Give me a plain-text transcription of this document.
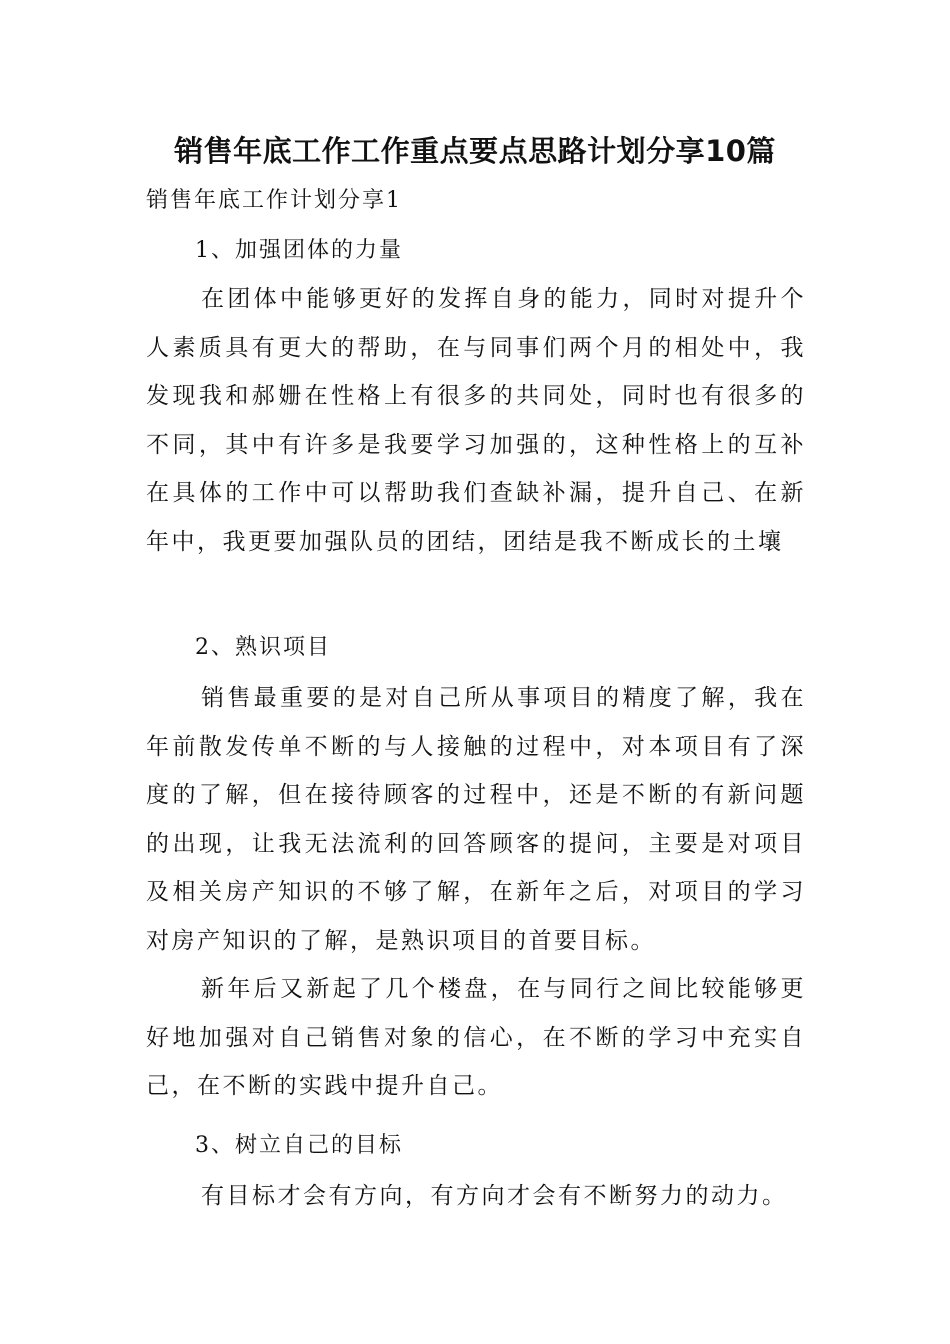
销售年底工作工作重点要点思路计划分享10篇
销售年底工作计划分享1
1、加强团体的力量
在团体中能够更好的发挥自身的能力，同时对提升个人素质具有更大的帮助，在与同事们两个月的相处中，我发现我和郝姗在性格上有很多的共同处，同时也有很多的不同，其中有许多是我要学习加强的，这种性格上的互补在具体的工作中可以帮助我们查缺补漏，提升自己、在新年中，我更要加强队员的团结，团结是我不断成长的土壤
2、熟识项目
销售最重要的是对自己所从事项目的精度了解，我在年前散发传单不断的与人接触的过程中，对本项目有了深度的了解，但在接待顾客的过程中，还是不断的有新问题的出现，让我无法流利的回答顾客的提问，主要是对项目及相关房产知识的不够了解，在新年之后，对项目的学习对房产知识的了解，是熟识项目的首要目标。
新年后又新起了几个楼盘，在与同行之间比较能够更好地加强对自己销售对象的信心，在不断的学习中充实自己，在不断的实践中提升自己。
3、树立自己的目标
有目标才会有方向，有方向才会有不断努力的动力。
